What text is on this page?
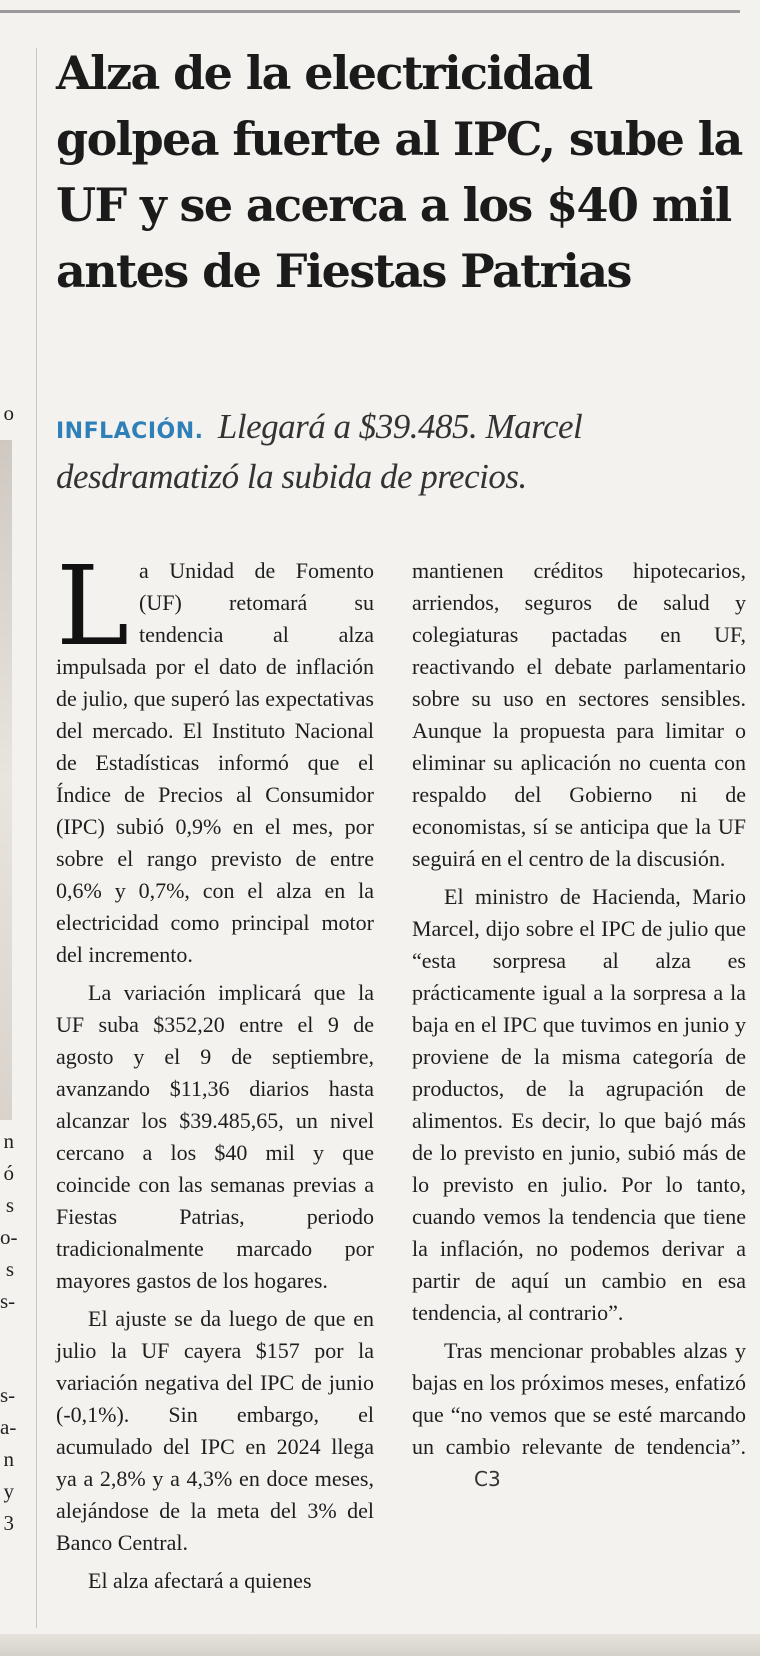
o
n
ó
s
o-
s
s-
s-
a-
n
y
3
Alza de la electricidad golpea fuerte al IPC, sube la UF y se acerca a los $40 mil antes de Fiestas Patrias

INFLACIÓN. Llegará a $39.485. Marcel desdramatizó la subida de precios.

La Unidad de Fomento (UF) retomará su tendencia al alza impulsada por el dato de inflación de julio, que superó las expectativas del mercado. El Instituto Nacional de Estadísticas informó que el Índice de Precios al Consumidor (IPC) subió 0,9% en el mes, por sobre el rango previsto de entre 0,6% y 0,7%, con el alza en la electricidad como principal motor del incremento.

La variación implicará que la UF suba $352,20 entre el 9 de agosto y el 9 de septiembre, avanzando $11,36 diarios hasta alcanzar los $39.485,65, un nivel cercano a los $40 mil y que coincide con las semanas previas a Fiestas Patrias, periodo tradicionalmente marcado por mayores gastos de los hogares.

El ajuste se da luego de que en julio la UF cayera $157 por la variación negativa del IPC de junio (-0,1%). Sin embargo, el acumulado del IPC en 2024 llega ya a 2,8% y a 4,3% en doce meses, alejándose de la meta del 3% del Banco Central.

El alza afectará a quienes

mantienen créditos hipotecarios, arriendos, seguros de salud y colegiaturas pactadas en UF, reactivando el debate parlamentario sobre su uso en sectores sensibles. Aunque la propuesta para limitar o eliminar su aplicación no cuenta con respaldo del Gobierno ni de economistas, sí se anticipa que la UF seguirá en el centro de la discusión.

El ministro de Hacienda, Mario Marcel, dijo sobre el IPC de julio que “esta sorpresa al alza es prácticamente igual a la sorpresa a la baja en el IPC que tuvimos en junio y proviene de la misma categoría de productos, de la agrupación de alimentos. Es decir, lo que bajó más de lo previsto en junio, subió más de lo previsto en julio. Por lo tanto, cuando vemos la tendencia que tiene la inflación, no podemos derivar a partir de aquí un cambio en esa tendencia, al contrario”.

Tras mencionar probables alzas y bajas en los próximos meses, enfatizó que “no vemos que se esté marcando un cambio relevante de tendencia”.C3
